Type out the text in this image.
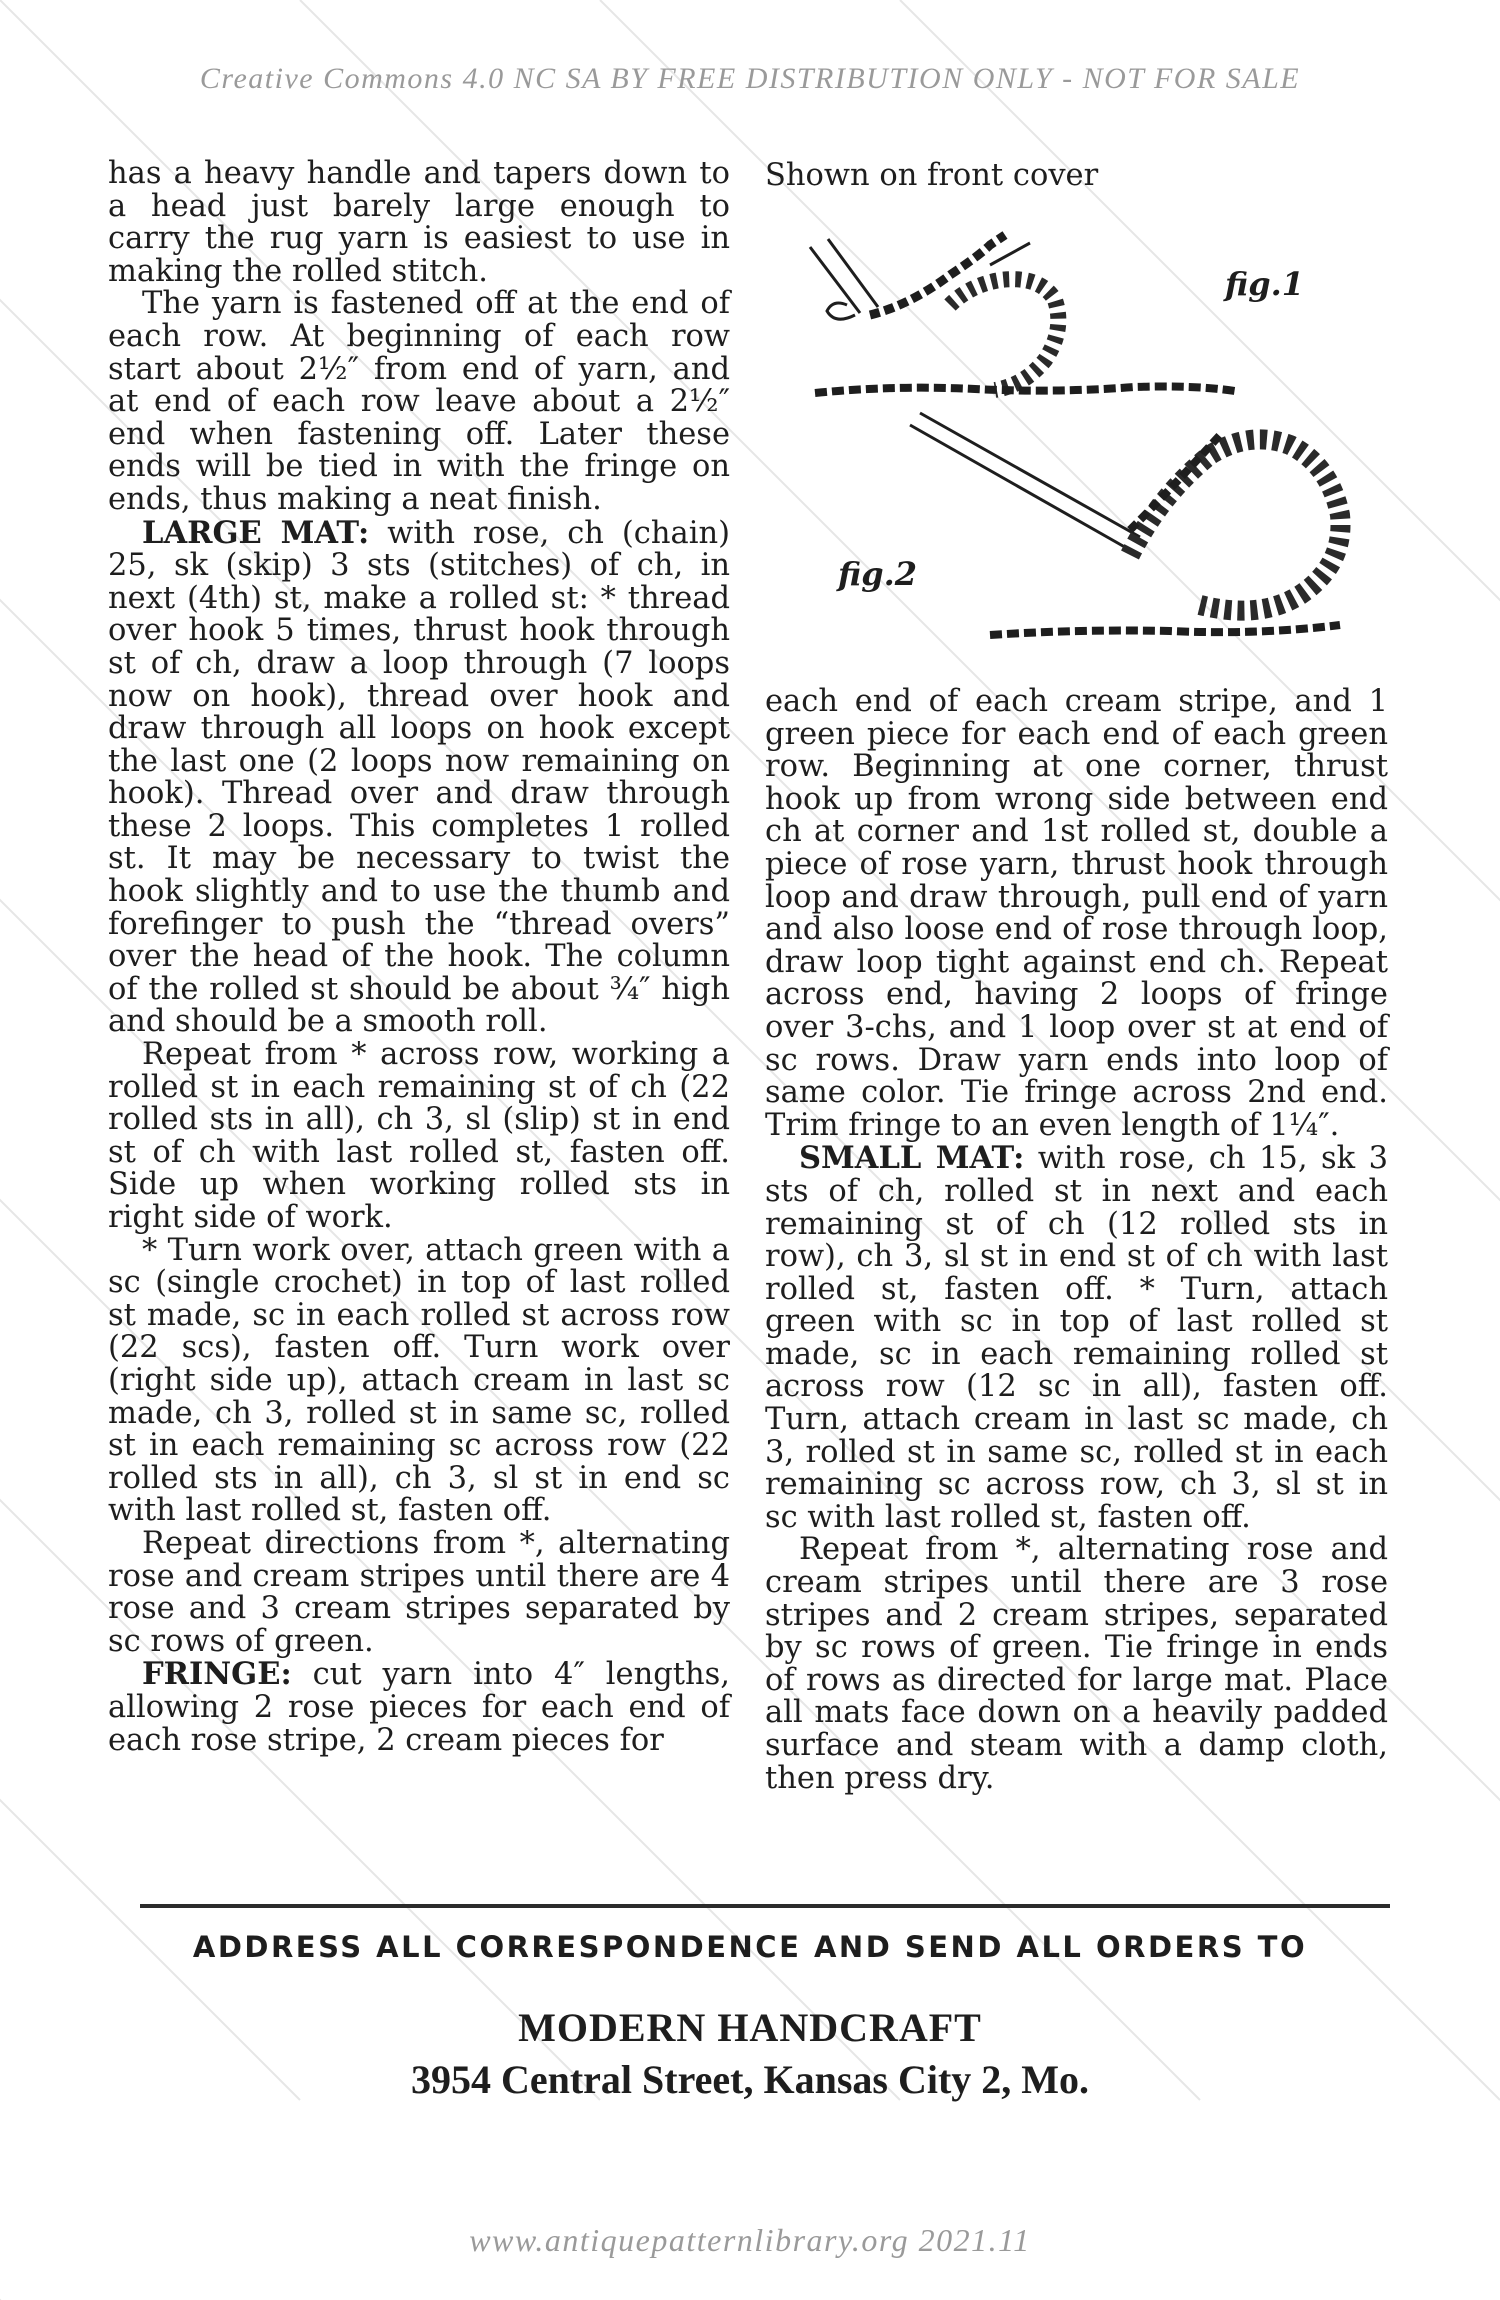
Creative Commons 4.0 NC SA BY FREE DISTRIBUTION ONLY - NOT FOR SALE

has a heavy handle and tapers down to a head just barely large enough to carry the rug yarn is easiest to use in making the rolled stitch.

The yarn is fastened off at the end of each row. At beginning of each row start about 2½″ from end of yarn, and at end of each row leave about a 2½″ end when fastening off. Later these ends will be tied in with the fringe on ends, thus making a neat finish.

LARGE MAT: with rose, ch (chain) 25, sk (skip) 3 sts (stitches) of ch, in next (4th) st, make a rolled st: * thread over hook 5 times, thrust hook through st of ch, draw a loop through (7 loops now on hook), thread over hook and draw through all loops on hook except the last one (2 loops now remaining on hook). Thread over and draw through these 2 loops. This completes 1 rolled st. It may be necessary to twist the hook slightly and to use the thumb and forefinger to push the “thread overs” over the head of the hook. The column of the rolled st should be about ¾″ high and should be a smooth roll.

Repeat from * across row, working a rolled st in each remaining st of ch (22 rolled sts in all), ch 3, sl (slip) st in end st of ch with last rolled st, fasten off. Side up when working rolled sts in right side of work.

* Turn work over, attach green with a sc (single crochet) in top of last rolled st made, sc in each rolled st across row (22 scs), fasten off. Turn work over (right side up), attach cream in last sc made, ch 3, rolled st in same sc, rolled st in each remaining sc across row (22 rolled sts in all), ch 3, sl st in end sc with last rolled st, fasten off.

Repeat directions from *, alternating rose and cream stripes until there are 4 rose and 3 cream stripes separated by sc rows of green.

FRINGE: cut yarn into 4″ lengths, allowing 2 rose pieces for each end of each rose stripe, 2 cream pieces for

Shown on front cover
fig.1
fig.2

each end of each cream stripe, and 1 green piece for each end of each green row. Beginning at one corner, thrust hook up from wrong side between end ch at corner and 1st rolled st, double a piece of rose yarn, thrust hook through loop and draw through, pull end of yarn and also loose end of rose through loop, draw loop tight against end ch. Repeat across end, having 2 loops of fringe over 3-chs, and 1 loop over st at end of sc rows. Draw yarn ends into loop of same color. Tie fringe across 2nd end. Trim fringe to an even length of 1¼″.

SMALL MAT: with rose, ch 15, sk 3 sts of ch, rolled st in next and each remaining st of ch (12 rolled sts in row), ch 3, sl st in end st of ch with last rolled st, fasten off. * Turn, attach green with sc in top of last rolled st made, sc in each remaining rolled st across row (12 sc in all), fasten off. Turn, attach cream in last sc made, ch 3, rolled st in same sc, rolled st in each remaining sc across row, ch 3, sl st in sc with last rolled st, fasten off.

Repeat from *, alternating rose and cream stripes until there are 3 rose stripes and 2 cream stripes, separated by sc rows of green. Tie fringe in ends of rows as directed for large mat. Place all mats face down on a heavily padded surface and steam with a damp cloth, then press dry.

ADDRESS ALL CORRESPONDENCE AND SEND ALL ORDERS TO
MODERN HANDCRAFT
3954 Central Street, Kansas City 2, Mo.
www.antiquepatternlibrary.org 2021.11
